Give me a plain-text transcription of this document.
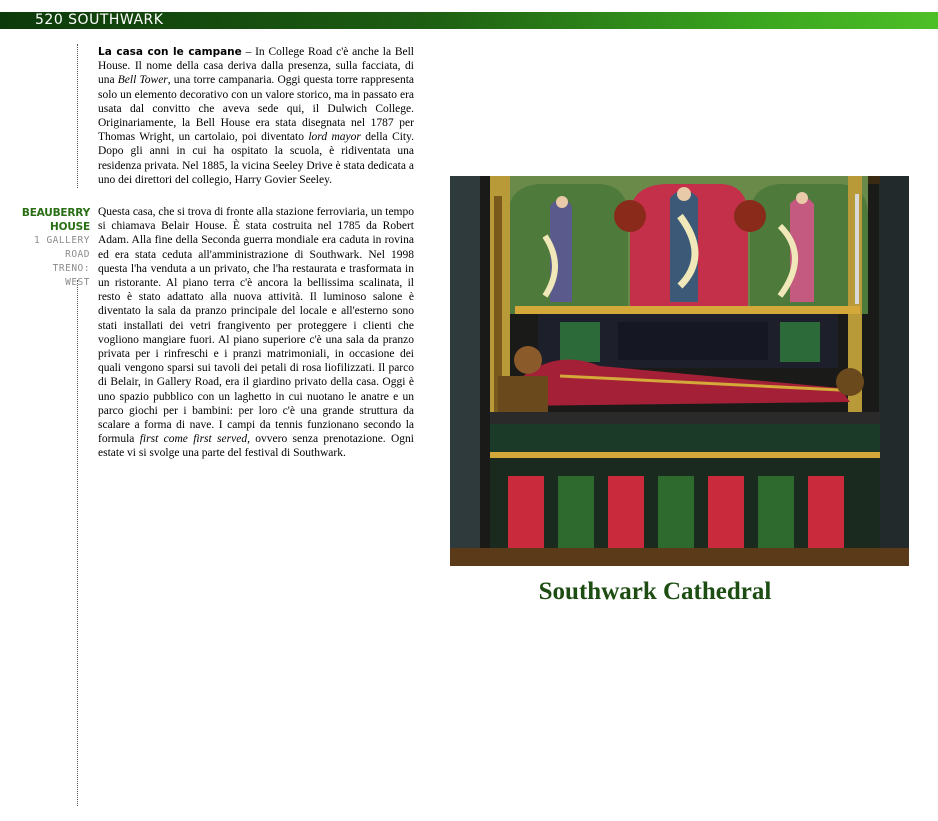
520 SOUTHWARK

La casa con le campane – In College Road c'è anche la Bell House. Il nome della casa deriva dalla presenza, sulla facciata, di una Bell Tower, una torre campanaria. Oggi questa torre rappresenta solo un elemento decorativo con un valore storico, ma in passato era usata dal convitto che aveva sede qui, il Dulwich College. Originariamente, la Bell House era stata disegnata nel 1787 per Thomas Wright, un cartolaio, poi diventato lord mayor della City. Dopo gli anni in cui ha ospitato la scuola, è ridiventata una residenza privata. Nel 1885, la vicina Seeley Drive è stata dedicata a uno dei direttori del collegio, Harry Govier Seeley.

BEAUBERRY
HOUSE
1 GALLERY
ROAD
TRENO:
WEST

Questa casa, che si trova di fronte alla stazione ferroviaria, un tempo si chiamava Belair House. È stata costruita nel 1785 da Robert Adam. Alla fine della Seconda guerra mondiale era caduta in rovina ed era stata ceduta all'amministrazione di Southwark. Nel 1998 questa l'ha venduta a un privato, che l'ha restaurata e trasformata in un ristorante. Al piano terra c'è ancora la bellissima scalinata, il resto è stato adattato alla nuova attività. Il luminoso salone è diventato la sala da pranzo principale del locale e all'esterno sono stati installati dei vetri frangivento per proteggere i clienti che vogliono mangiare fuori. Al piano superiore c'è una sala da pranzo privata per i rinfreschi e i pranzi matrimoniali, in occasione dei quali vengono sparsi sui tavoli dei petali di rosa liofilizzati. Il parco di Belair, in Gallery Road, era il giardino privato della casa. Oggi è uno spazio pubblico con un laghetto in cui nuotano le anatre e un parco giochi per i bambini: per loro c'è una grande struttura da scalare a forma di nave. I campi da tennis funzionano secondo la formula first come first served, ovvero senza prenotazione. Ogni estate vi si svolge una parte del festival di Southwark.

Southwark Cathedral
